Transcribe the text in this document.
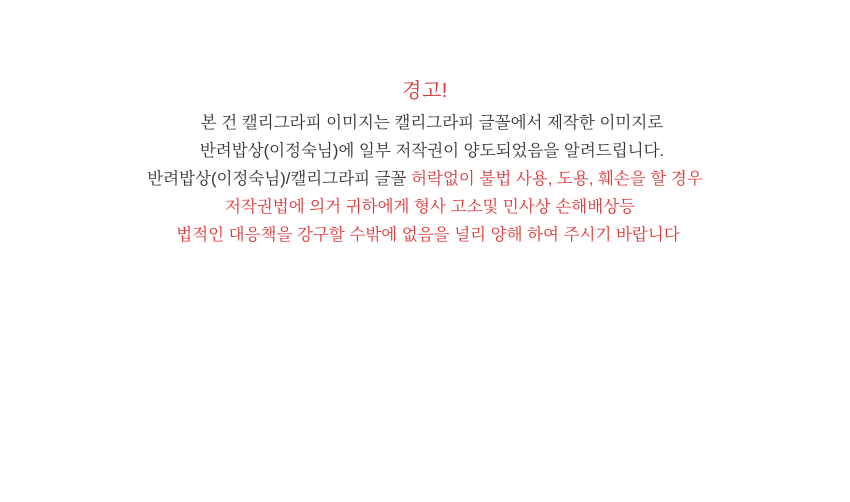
경고!
본 건 캘리그라피 이미지는 캘리그라피 글꼴에서 제작한 이미지로
반려밥상(이정숙님)에 일부 저작권이 양도되었음을 알려드립니다.
반려밥상(이정숙님)/캘리그라피 글꼴 허락없이 불법 사용, 도용, 훼손을 할 경우
저작권법에 의거 귀하에게 형사 고소및 민사상 손해배상등
법적인 대응책을 강구할 수밖에 없음을 널리 양해 하여 주시기 바랍니다
